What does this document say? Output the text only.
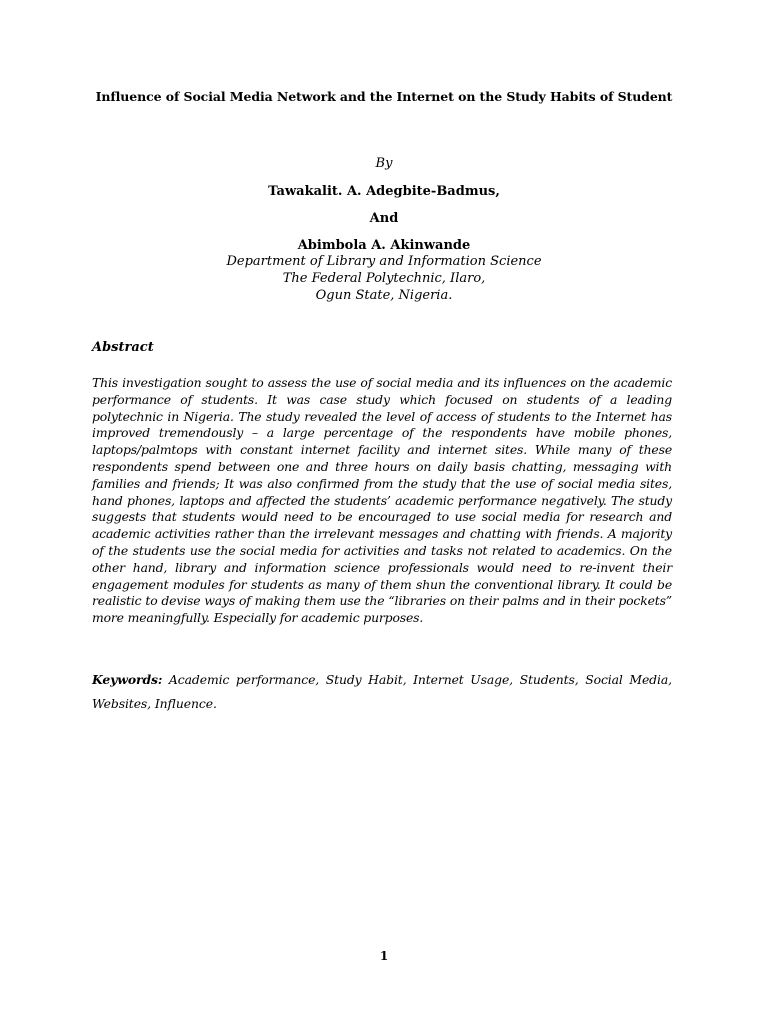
Influence of Social Media Network and the Internet on the Study Habits of Student
By
Tawakalit. A. Adegbite-Badmus,
And
Abimbola A. Akinwande
Department of Library and Information Science
The Federal Polytechnic, Ilaro,
Ogun State, Nigeria.
Abstract
This investigation sought to assess the use of social media and its influences on the academic performance of students. It was case study which focused on students of a leading polytechnic in Nigeria. The study revealed the level of access of students to the Internet has improved tremendously – a large percentage of the respondents have mobile phones, laptops/palmtops with constant internet facility and internet sites. While many of these respondents spend between one and three hours on daily basis chatting, messaging with families and friends; It was also confirmed from the study that the use of social media sites, hand phones, laptops and affected the students’ academic performance negatively. The study suggests that students would need to be encouraged to use social media for research and academic activities rather than the irrelevant messages and chatting with friends. A majority of the students use the social media for activities and tasks not related to academics. On the other hand, library and information science professionals would need to re-invent their engagement modules for students as many of them shun the conventional library. It could be realistic to devise ways of making them use the “libraries on their palms and in their pockets” more meaningfully. Especially for academic purposes.
Keywords: Academic performance, Study Habit, Internet Usage, Students, Social Media, Websites, Influence.
1
